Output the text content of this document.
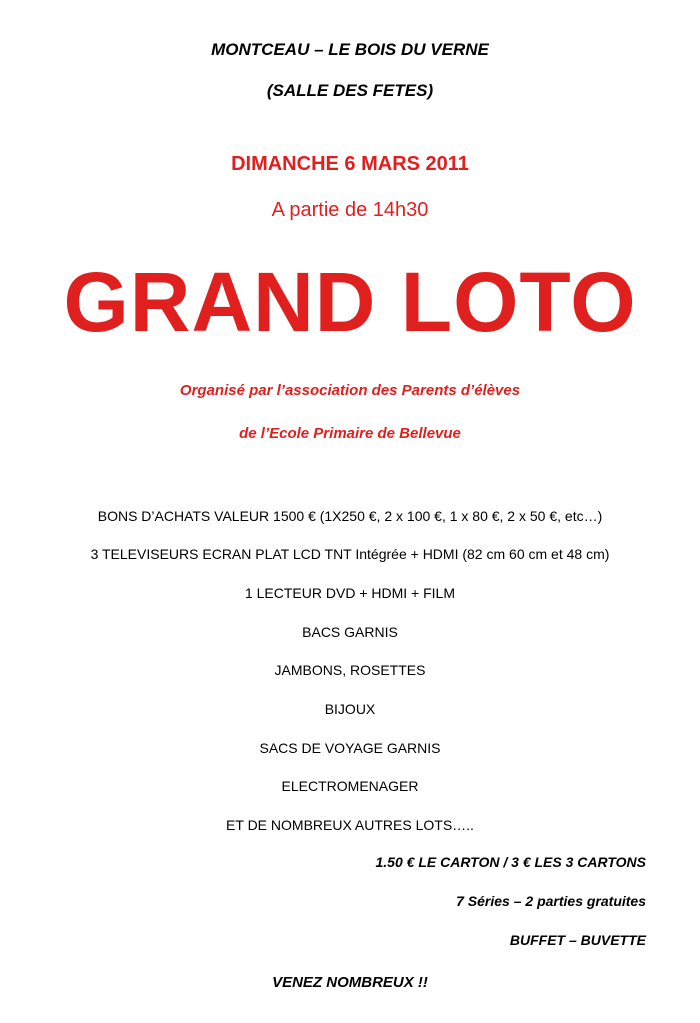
MONTCEAU – LE BOIS DU VERNE
(SALLE DES FETES)
DIMANCHE 6 MARS 2011
A partie de 14h30
GRAND LOTO
Organisé par l’association des Parents d’élèves
de l’Ecole Primaire de Bellevue
BONS D’ACHATS VALEUR 1500 € (1X250 €, 2 x 100 €, 1 x 80 €, 2 x 50 €, etc…)
3 TELEVISEURS ECRAN PLAT LCD TNT Intégrée + HDMI (82 cm 60 cm et 48 cm)
1 LECTEUR DVD + HDMI + FILM
BACS GARNIS
JAMBONS, ROSETTES
BIJOUX
SACS DE VOYAGE GARNIS
ELECTROMENAGER
ET DE NOMBREUX AUTRES LOTS…..
1.50 € LE CARTON / 3 € LES 3 CARTONS
7 Séries – 2 parties gratuites
BUFFET – BUVETTE
VENEZ NOMBREUX !!
